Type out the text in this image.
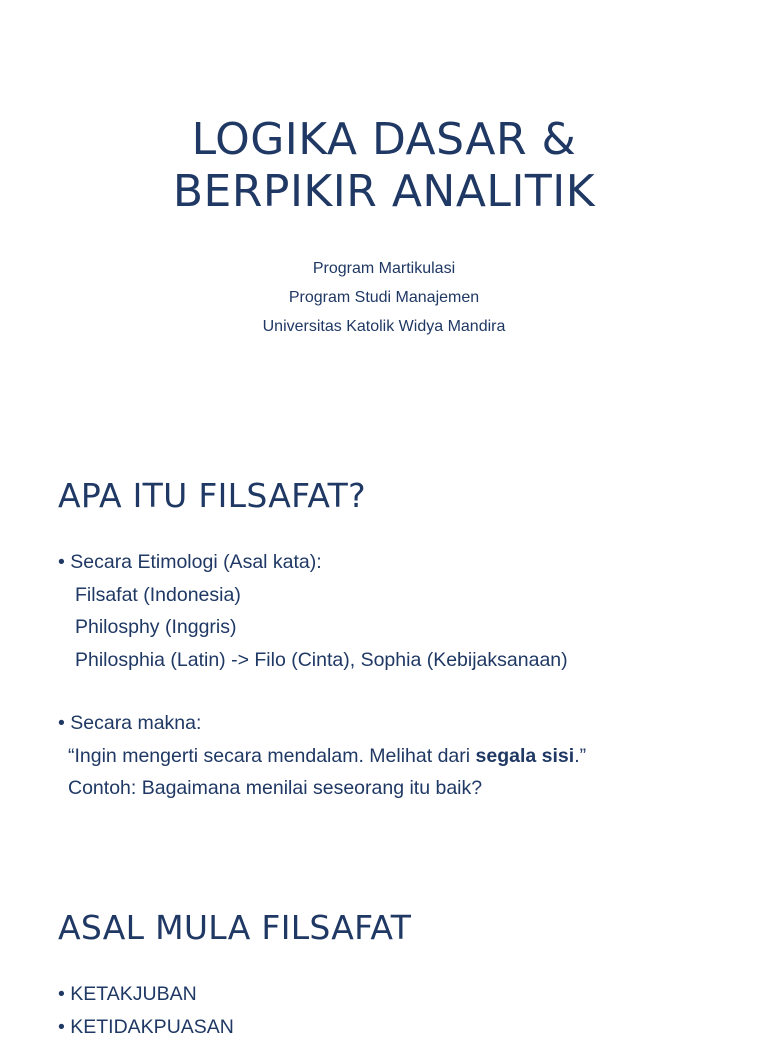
LOGIKA DASAR &
BERPIKIR ANALITIK
Program Martikulasi
Program Studi Manajemen
Universitas Katolik Widya Mandira
APA ITU FILSAFAT?
• Secara Etimologi (Asal kata):
Filsafat (Indonesia)
Philosphy (Inggris)
Philosphia (Latin) -> Filo (Cinta), Sophia (Kebijaksanaan)
• Secara makna:
“Ingin mengerti secara mendalam. Melihat dari segala sisi.”
Contoh: Bagaimana menilai seseorang itu baik?
ASAL MULA FILSAFAT
• KETAKJUBAN
• KETIDAKPUASAN
